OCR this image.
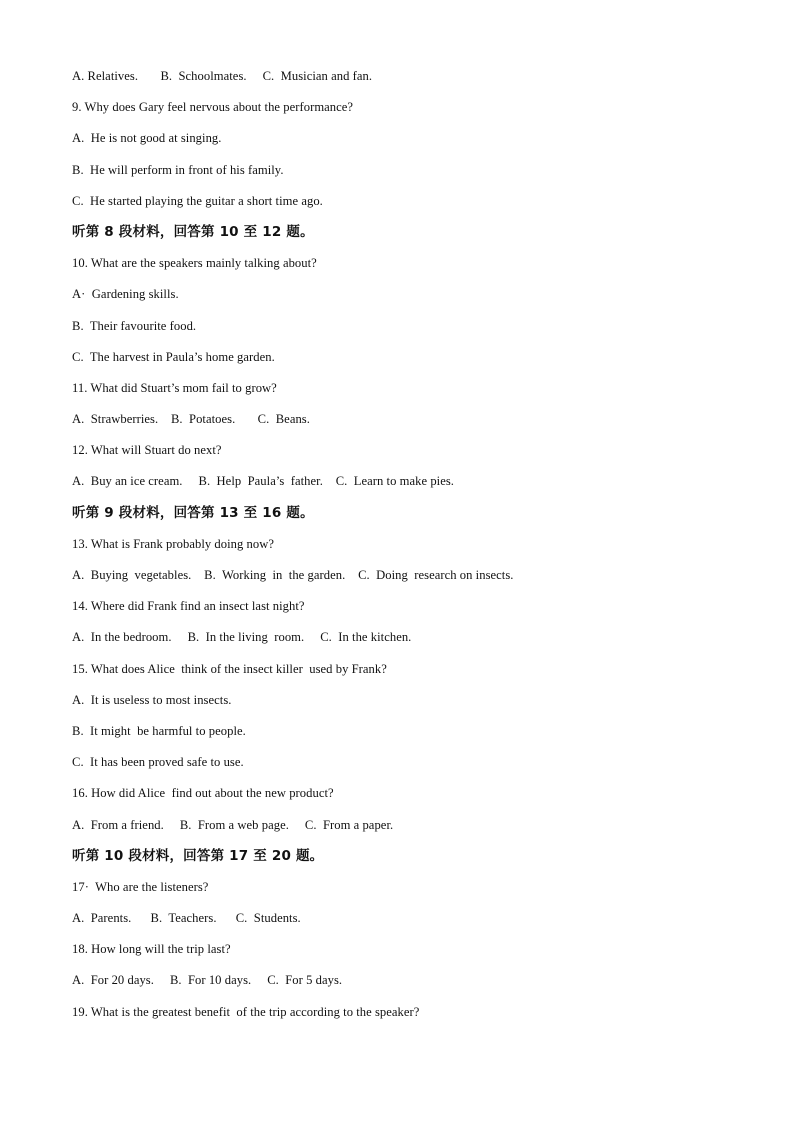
A. Relatives.       B.  Schoolmates.     C.  Musician and fan.
9. Why does Gary feel nervous about the performance?
A.  He is not good at singing.
B.  He will perform in front of his family.
C.  He started playing the guitar a short time ago.
听第 8 段材料，回答第 10 至 12 题。
10. What are the speakers mainly talking about?
A·  Gardening skills.
B.  Their favourite food.
C.  The harvest in Paula’s home garden.
11. What did Stuart’s mom fail to grow?
A.  Strawberries.    B.  Potatoes.       C.  Beans.
12. What will Stuart do next?
A.  Buy an ice cream.     B.  Help  Paula’s  father.    C.  Learn to make pies.
听第 9 段材料，回答第 13 至 16 题。
13. What is Frank probably doing now?
A.  Buying  vegetables.    B.  Working  in  the garden.    C.  Doing  research on insects.
14. Where did Frank find an insect last night?
A.  In the bedroom.     B.  In the living  room.     C.  In the kitchen.
15. What does Alice  think of the insect killer  used by Frank?
A.  It is useless to most insects.
B.  It might  be harmful to people.
C.  It has been proved safe to use.
16. How did Alice  find out about the new product?
A.  From a friend.     B.  From a web page.     C.  From a paper.
听第 10 段材料，回答第 17 至 20 题。
17·  Who are the listeners?
A.  Parents.      B.  Teachers.      C.  Students.
18. How long will the trip last?
A.  For 20 days.     B.  For 10 days.     C.  For 5 days.
19. What is the greatest benefit  of the trip according to the speaker?
